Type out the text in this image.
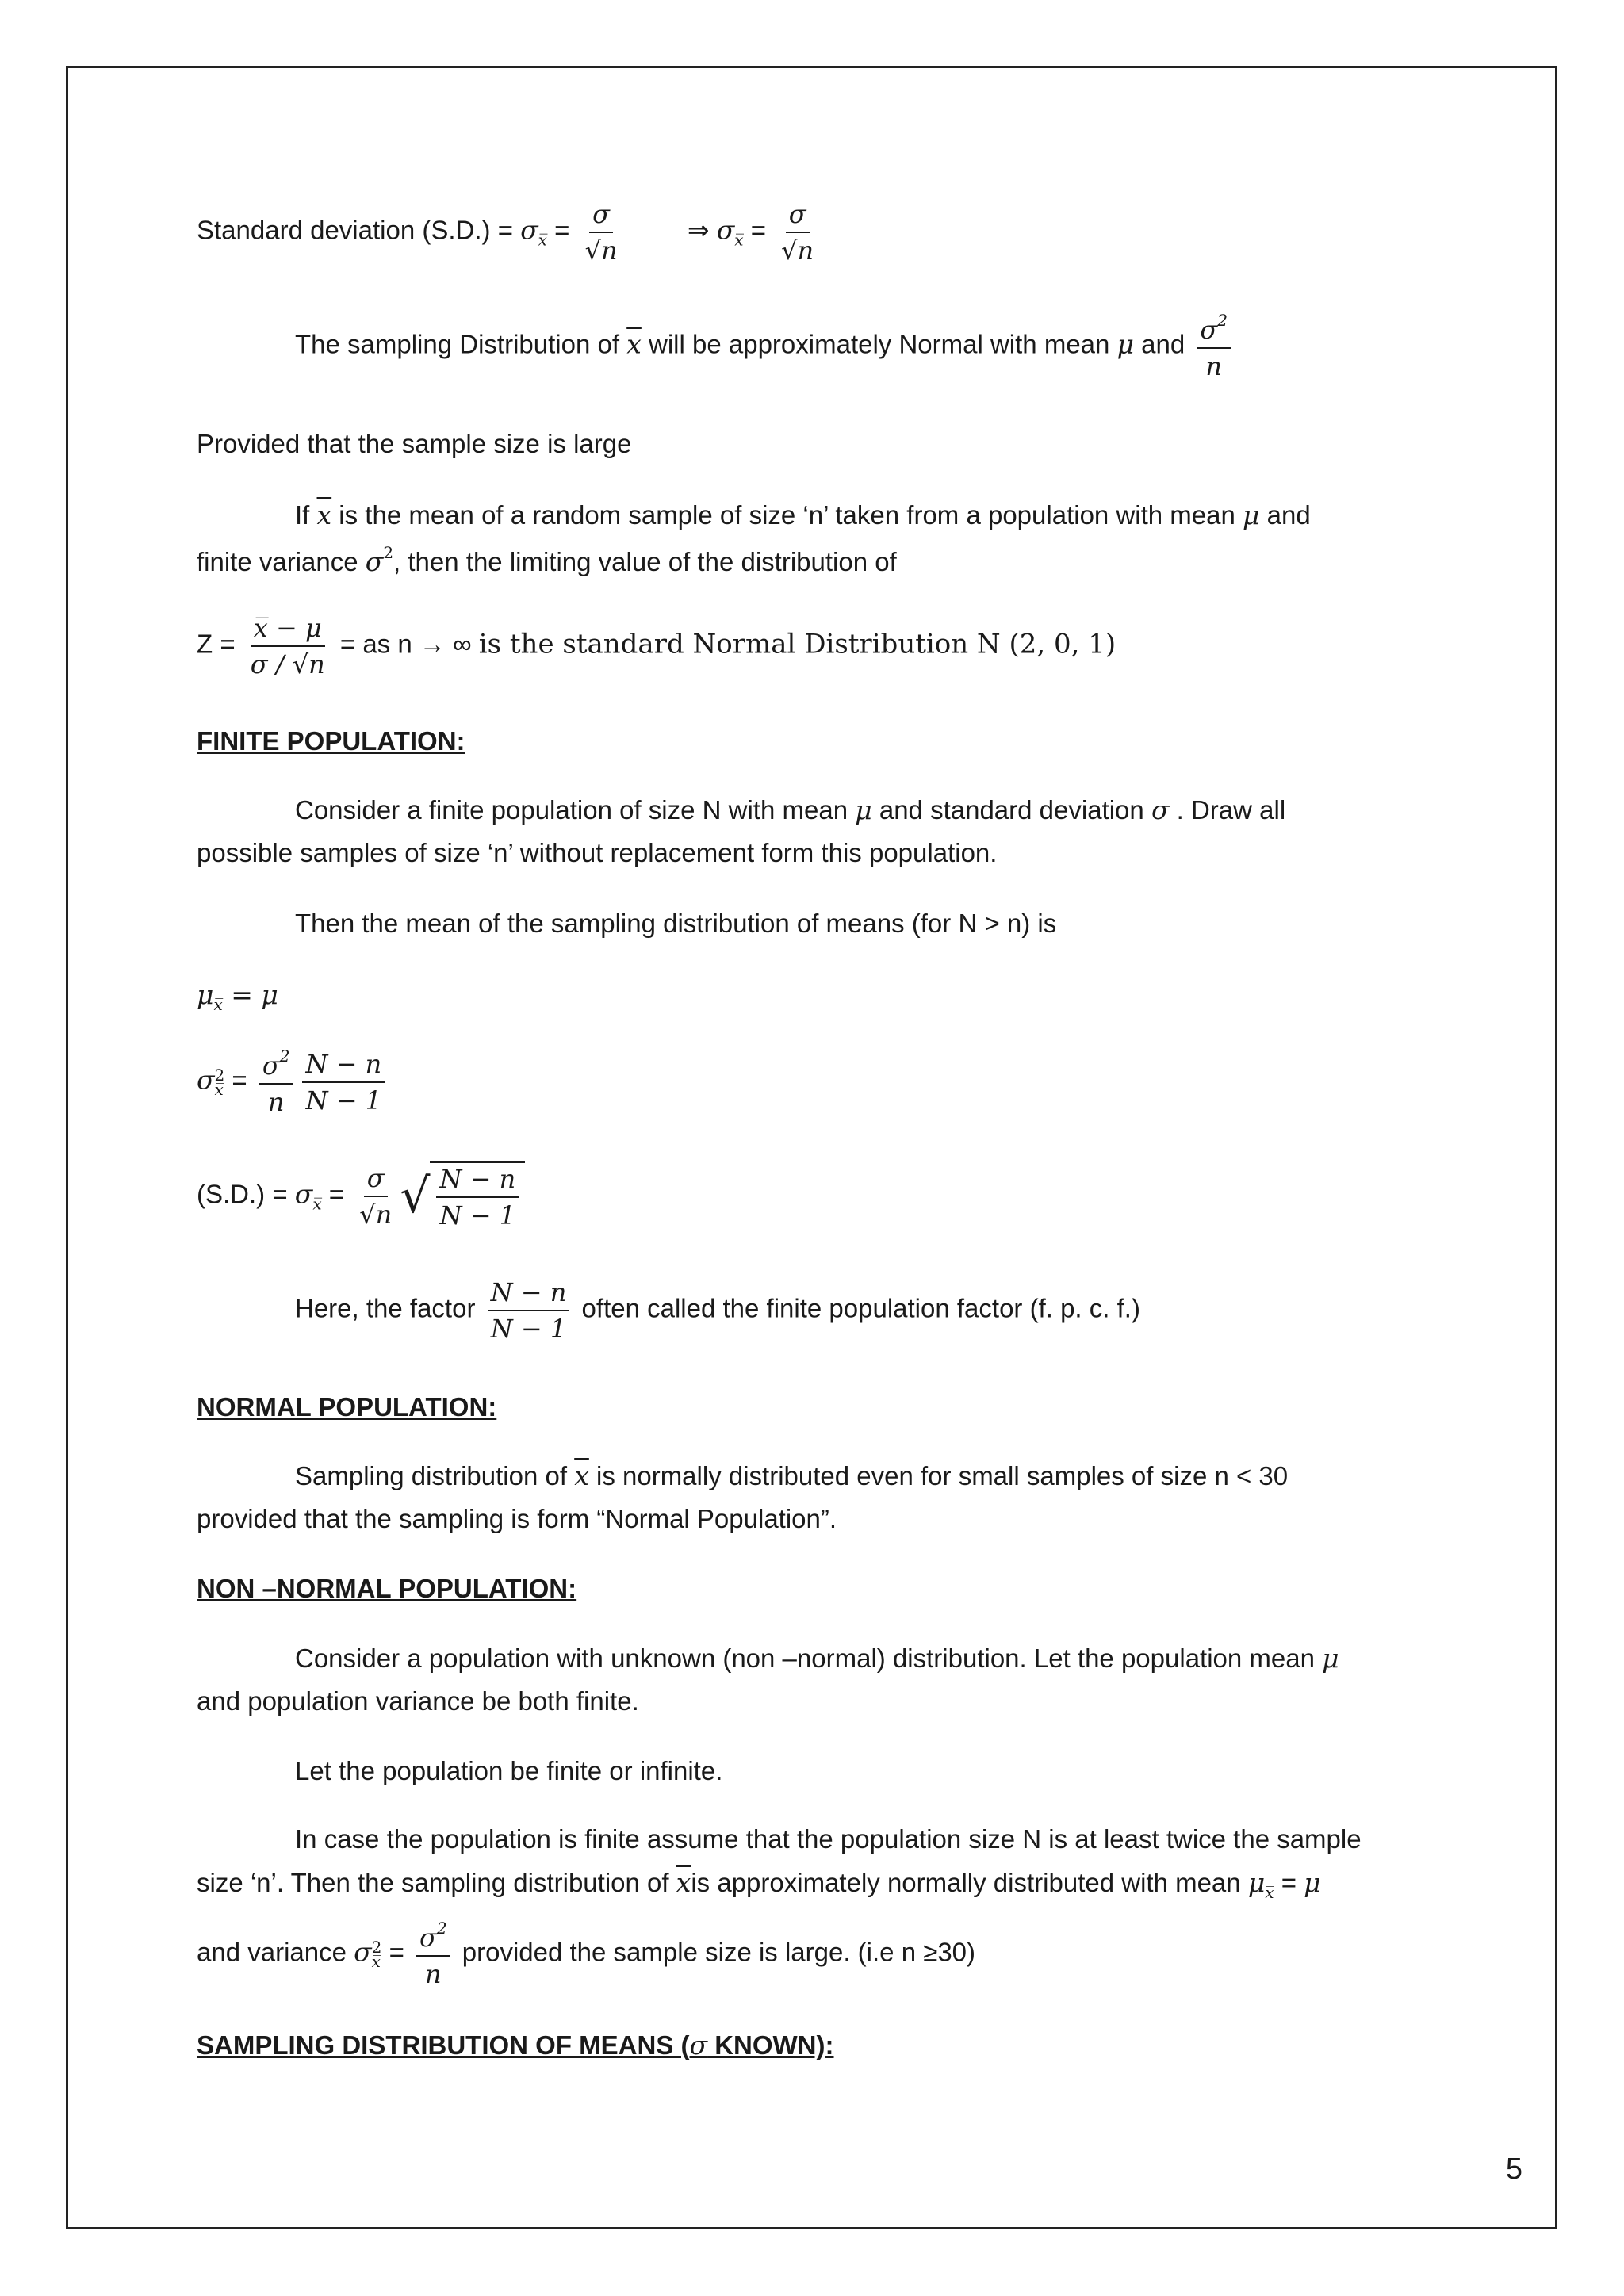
Standard deviation $(S.D.) = \sigma_{x̅} = \frac{\sigma}{√n}$	⇒ $\sigma_{x̅} = \frac{\sigma}{√n}$
The sampling Distribution of $\overline{x}$ will be approximately Normal with mean μ and $\frac{\sigma^2}{n}$
Provided that the sample size is large
If $\overline{x}$ is the mean of a random sample of size ‘n’ taken from a population with mean μ and
finite variance $\sigma^2$, then the limiting value of the distribution of
$Z = \frac{x̅ - \mu}{\sigma / √n}$ = as n → ∞ is the standard Normal Distribution N (2, 0, 1)
FINITE POPULATION:
Consider a finite population of size N with mean μ and standard deviation σ . Draw all
possible samples of size ‘n’ without replacement form this population.
Then the mean of the sampling distribution of means (for N > n) is
$\mu_{x̅} = \mu$
σ 2
x̅ = $\frac{\sigma^2}{n} \frac{N - n}{N - 1}$
$(S.D.) = \sigma_{x̅} = \frac{\sigma}{√n}$ √ $\frac{N - n}{N - 1}$
Here, the factor $\frac{N - n}{N - 1}$ often called the finite population factor (f. p. c. f.)
NORMAL POPULATION:
Sampling distribution of $\overline{x}$ is normally distributed even for small samples of size n < 30
provided that the sampling is form “Normal Population”.
NON –NORMAL POPULATION:
Consider a population with unknown (non –normal) distribution. Let the population mean μ
and population variance be both finite.
Let the population be finite or infinite.
In case the population is finite assume that the population size N is at least twice the sample
size ‘n’. Then the sampling distribution of $\overline{x}is$ approximately normally distributed with mean $\mu_{x̅} = \mu$
and variance σ 2
x̅ = $\frac{\sigma^2}{n}$ provided the sample size is large. (i.e n ≥30)
SAMPLING DISTRIBUTION OF MEANS (σ KNOWN):
5
